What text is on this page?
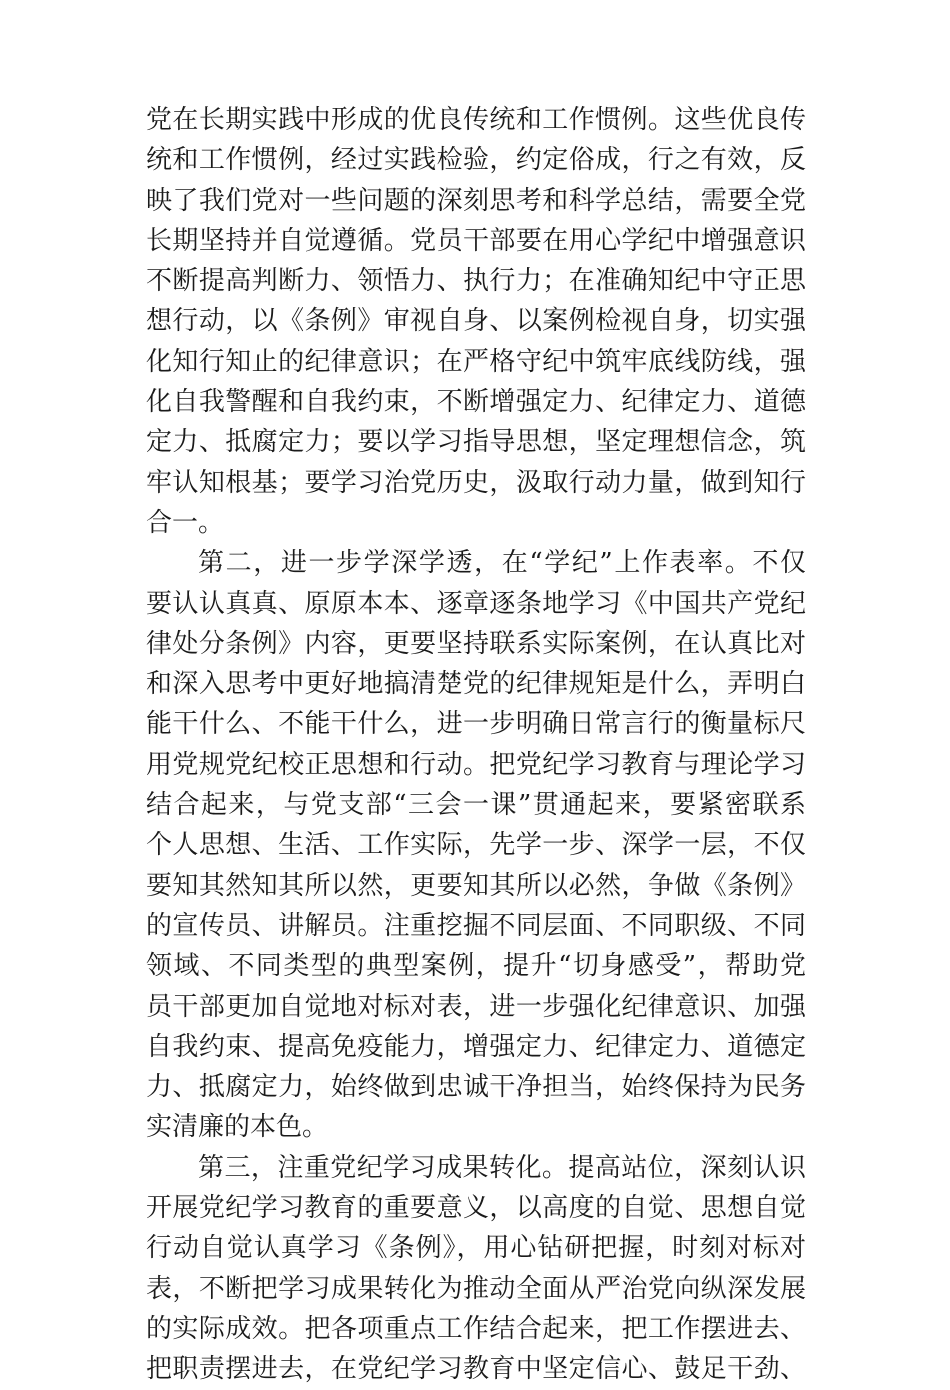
党在长期实践中形成的优良传统和工作惯例。这些优良传
统和工作惯例，经过实践检验，约定俗成，行之有效，反
映了我们党对一些问题的深刻思考和科学总结，需要全党
长期坚持并自觉遵循。党员干部要在用心学纪中增强意识
不断提高判断力、领悟力、执行力；在准确知纪中守正思
想行动，以《条例》审视自身、以案例检视自身，切实强
化知行知止的纪律意识；在严格守纪中筑牢底线防线，强
化自我警醒和自我约束，不断增强定力、纪律定力、道德
定力、抵腐定力；要以学习指导思想，坚定理想信念，筑
牢认知根基；要学习治党历史，汲取行动力量，做到知行
合一。
第二，进一步学深学透，在“学纪”上作表率。不仅
要认认真真、原原本本、逐章逐条地学习《中国共产党纪
律处分条例》内容，更要坚持联系实际案例，在认真比对
和深入思考中更好地搞清楚党的纪律规矩是什么，弄明白
能干什么、不能干什么，进一步明确日常言行的衡量标尺
用党规党纪校正思想和行动。把党纪学习教育与理论学习
结合起来，与党支部“三会一课”贯通起来，要紧密联系
个人思想、生活、工作实际，先学一步、深学一层，不仅
要知其然知其所以然，更要知其所以必然，争做《条例》
的宣传员、讲解员。注重挖掘不同层面、不同职级、不同
领域、不同类型的典型案例，提升“切身感受”，帮助党
员干部更加自觉地对标对表，进一步强化纪律意识、加强
自我约束、提高免疫能力，增强定力、纪律定力、道德定
力、抵腐定力，始终做到忠诚干净担当，始终保持为民务
实清廉的本色。
第三，注重党纪学习成果转化。提高站位，深刻认识
开展党纪学习教育的重要意义，以高度的自觉、思想自觉
行动自觉认真学习《条例》，用心钻研把握，时刻对标对
表，不断把学习成果转化为推动全面从严治党向纵深发展
的实际成效。把各项重点工作结合起来，把工作摆进去、
把职责摆进去，在党纪学习教育中坚定信心、鼓足干劲、
